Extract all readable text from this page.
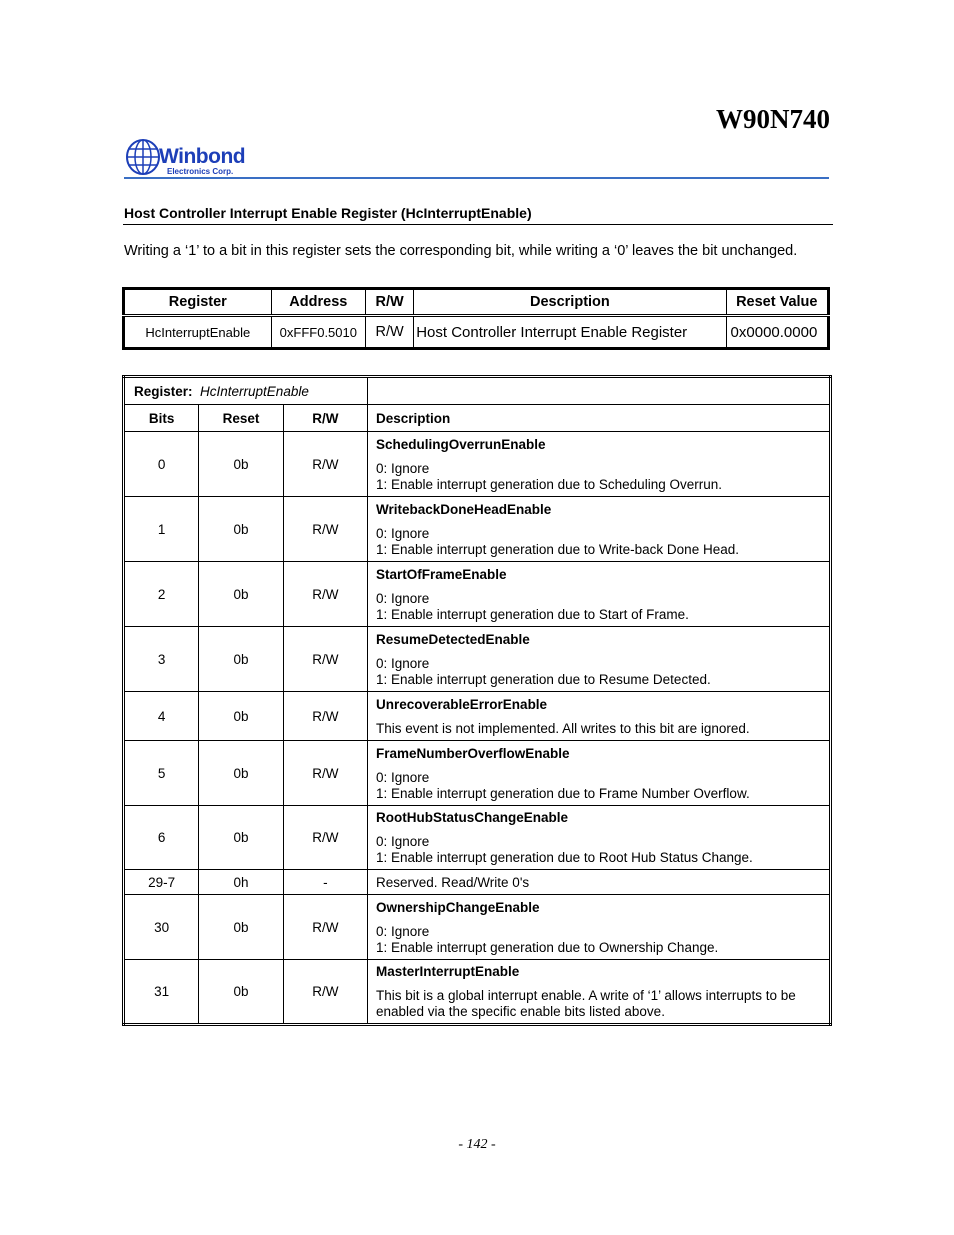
W90N740
Winbond
Electronics Corp.
Host Controller Interrupt Enable Register (HcInterruptEnable)
Writing a ‘1’ to a bit in this register sets the corresponding bit, while writing a ‘0’ leaves the bit unchanged.
Register	Address	R/W	Description	Reset Value
HcInterruptEnable	0xFFF0.5010	R/W	Host Controller Interrupt Enable Register	0x0000.0000
Register: HcInterruptEnable			
Bits	Reset	R/W	Description
0	0b	R/W	SchedulingOverrunEnable
0: Ignore
1: Enable interrupt generation due to Scheduling Overrun.

1	0b	R/W	WritebackDoneHeadEnable
0: Ignore
1: Enable interrupt generation due to Write-back Done Head.

2	0b	R/W	StartOfFrameEnable
0: Ignore
1: Enable interrupt generation due to Start of Frame.

3	0b	R/W	ResumeDetectedEnable
0: Ignore
1: Enable interrupt generation due to Resume Detected.

4	0b	R/W	UnrecoverableErrorEnable
This event is not implemented. All writes to this bit are ignored.

5	0b	R/W	FrameNumberOverflowEnable
0: Ignore
1: Enable interrupt generation due to Frame Number Overflow.

6	0b	R/W	RootHubStatusChangeEnable
0: Ignore
1: Enable interrupt generation due to Root Hub Status Change.

29-7	0h	-	Reserved. Read/Write 0's

30	0b	R/W	OwnershipChangeEnable
0: Ignore
1: Enable interrupt generation due to Ownership Change.

31	0b	R/W	MasterInterruptEnable
This bit is a global interrupt enable. A write of ‘1’ allows interrupts to be enabled via the specific enable bits listed above.
- 142 -
